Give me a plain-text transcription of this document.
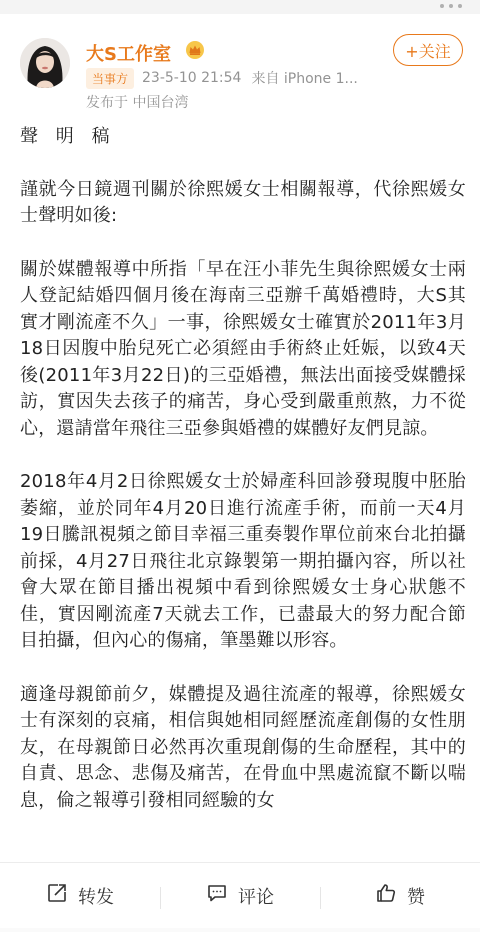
大S工作室	+关注
当事方	23-5-10 21:54 来自 iPhone 1...
发布于 中国台湾

聲 明 稿

謹就今日鏡週刊關於徐熙媛女士相關報導，代徐熙媛女士聲明如後:

關於媒體報導中所指「早在汪小菲先生與徐熙媛女士兩人登記結婚四個月後在海南三亞辦千萬婚禮時，大S其實才剛流產不久」一事，徐熙媛女士確實於2011年3月18日因腹中胎兒死亡必須經由手術終止妊娠，以致4天後(2011年3月22日)的三亞婚禮，無法出面接受媒體採訪，實因失去孩子的痛苦，身心受到嚴重煎熬，力不從心，還請當年飛往三亞參與婚禮的媒體好友們見諒。

2018年4月2日徐熙媛女士於婦產科回診發現腹中胚胎萎縮，並於同年4月20日進行流產手術，而前一天4月19日騰訊視頻之節目幸福三重奏製作單位前來台北拍攝前採，4月27日飛往北京錄製第一期拍攝內容，所以社會大眾在節目播出視頻中看到徐熙媛女士身心狀態不佳，實因剛流產7天就去工作，已盡最大的努力配合節目拍攝，但內心的傷痛，筆墨難以形容。

適逢母親節前夕，媒體提及過往流產的報導，徐熙媛女士有深刻的哀痛，相信與她相同經歷流產創傷的女性朋友，在母親節日必然再次重現創傷的生命歷程，其中的自責、思念、悲傷及痛苦，在骨血中黑處流竄不斷以喘息，倫之報導引發相同經驗的女

转发	评论	赞
